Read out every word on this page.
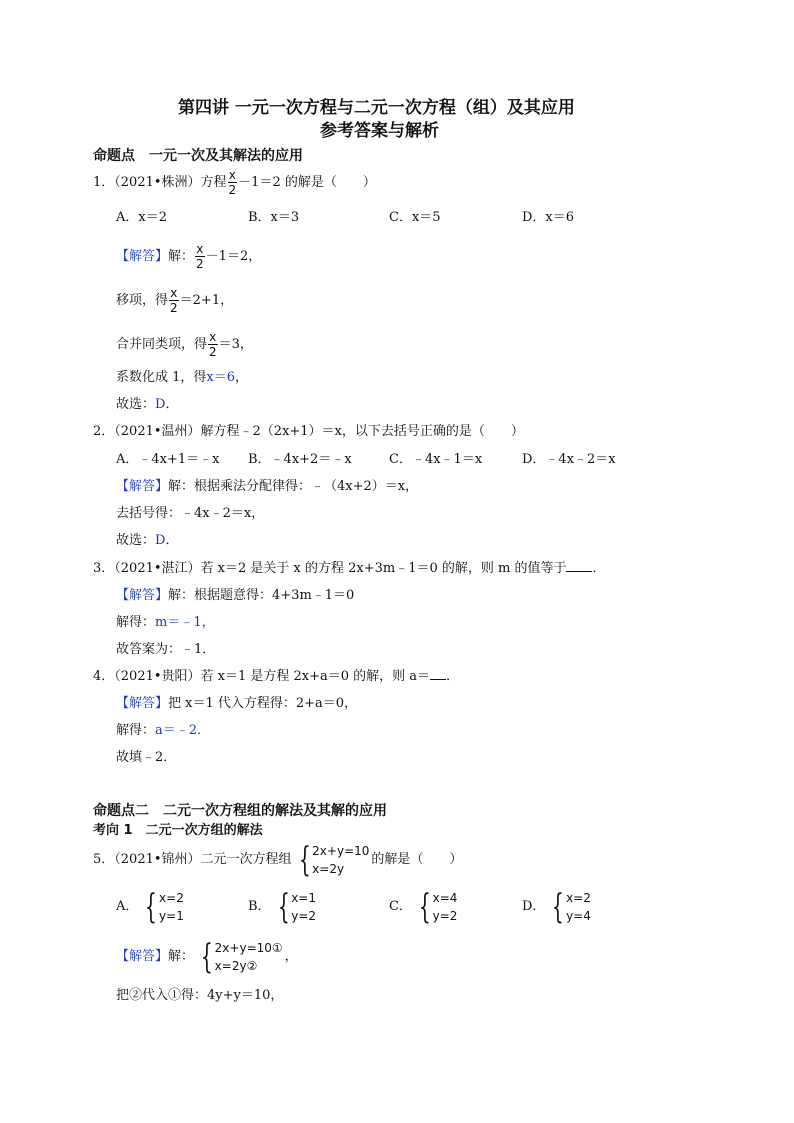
第四讲 一元一次方程与二元一次方程（组）及其应用
参考答案与解析
命题点　一元一次及其解法的应用
1．（2021•株洲）方程 $\frac{x}{2} -1=2$ 的解是（　　）
A．x＝2	B．x＝3	C．x＝5	D．x＝6
【解答】解： $\frac{x}{2} -1=2$，
移项，得 $\frac{x}{2} =2+1$，
合并同类项，得 $\frac{x}{2} =3$，
系数化成 1，得x＝6，
故选：D．
2．（2021•温州）解方程﹣2（2x+1）＝x，以下去括号正确的是（　　）
A．﹣4x+1＝﹣x B．﹣4x+2＝﹣x	C．﹣4x﹣1＝x	D．﹣4x﹣2＝x
【解答】解：根据乘法分配律得：﹣（4x+2）＝x，
去括号得：﹣4x﹣2＝x，
故选：D．
3．（2021•湛江）若 x＝2 是关于 x 的方程 2x+3m﹣1＝0 的解，则 m 的值等于 ．
【解答】解：根据题意得：4+3m﹣1＝0
解得：m＝﹣1，
故答案为：﹣1．
4．（2021•贵阳）若 x＝1 是方程 2x+a＝0 的解，则 a＝ ．
【解答】把 x＝1 代入方程得：2+a＝0，
解得：a＝﹣2．
故填﹣2．
命题点二　二元一次方程组的解法及其解的应用
考向 1　二元一次方组的解法
5．（2021•锦州）二元一次方程组 { 2x+y=10
x=2y
的解是（　　）
A． { x=2
y=1
B． { x=1
y=2
C． { x=4
y=2
D． { x=2
y=4
【解答】解： { 2x+y=10①
x=2y②
，
把②代入①得：4y+y＝10，
